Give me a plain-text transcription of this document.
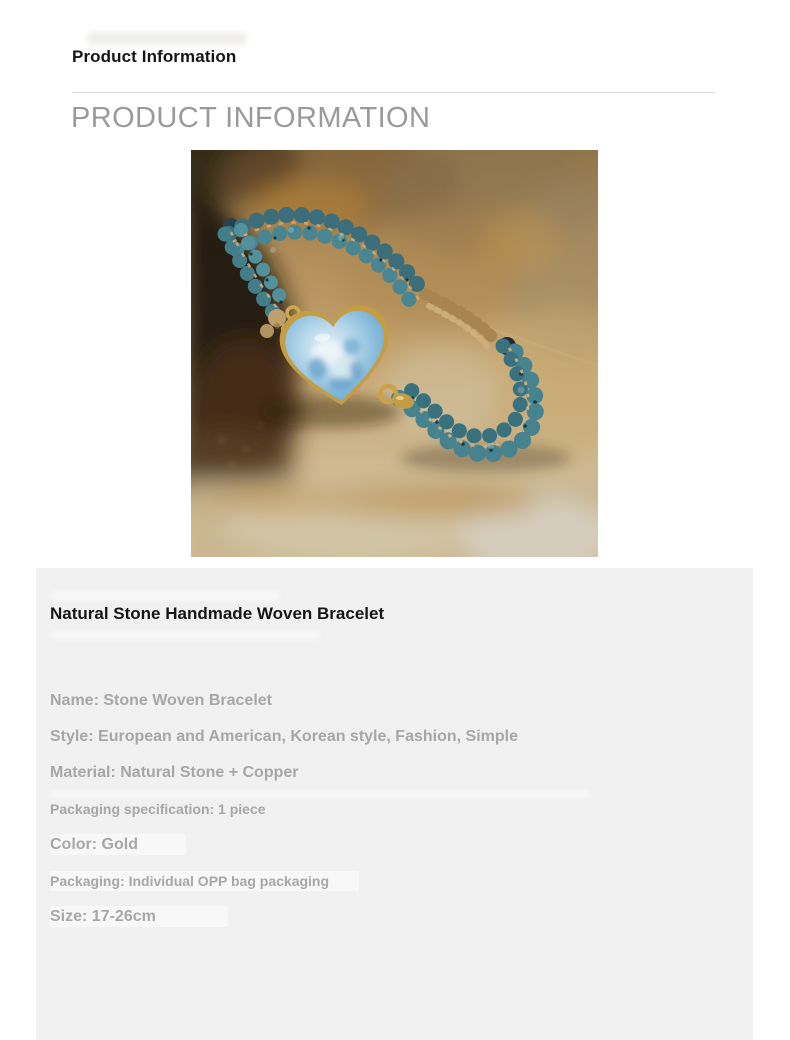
Product Information
PRODUCT INFORMATION
Natural Stone Handmade Woven Bracelet
Name: Stone Woven Bracelet
Style: European and American, Korean style, Fashion, Simple
Material: Natural Stone + Copper
Packaging specification: 1 piece
Color: Gold
Packaging: Individual OPP bag packaging
Size: 17-26cm
